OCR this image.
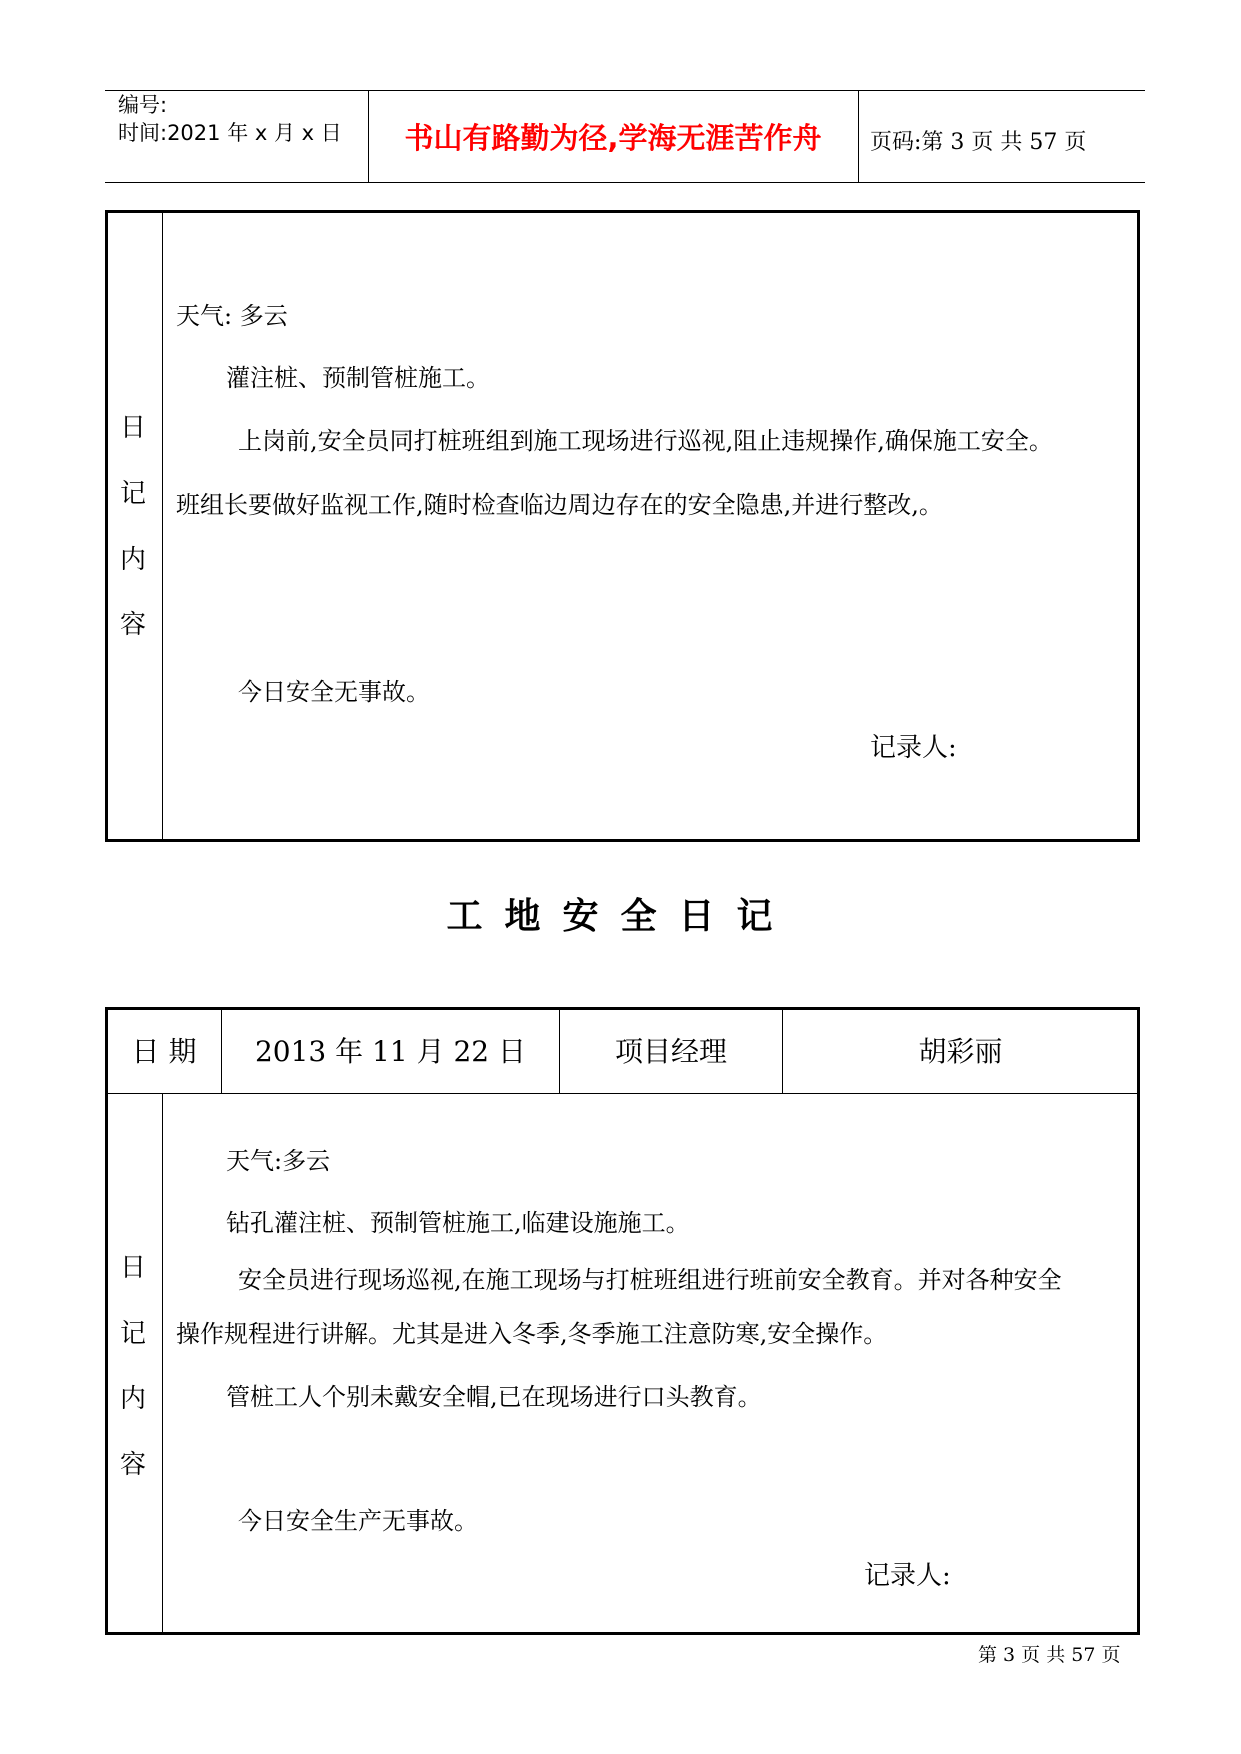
编号:
时间:2021 年 x 月 x 日	书山有路勤为径,学海无涯苦作舟	页码:第 3 页 共 57 页
日
记
内
容
天气: 多云
灌注桩、预制管桩施工。
上岗前,安全员同打桩班组到施工现场进行巡视,阻止违规操作,确保施工安全。
班组长要做好监视工作,随时检查临边周边存在的安全隐患,并进行整改,。
今日安全无事故。
记录人:
工地安全日记
日 期	2013 年 11 月 22 日	项目经理	胡彩丽
日
记
内
容
天气:多云
钻孔灌注桩、预制管桩施工,临建设施施工。
安全员进行现场巡视,在施工现场与打桩班组进行班前安全教育。并对各种安全
操作规程进行讲解。尤其是进入冬季,冬季施工注意防寒,安全操作。
管桩工人个别未戴安全帽,已在现场进行口头教育。
今日安全生产无事故。
记录人:
第 3 页 共 57 页
